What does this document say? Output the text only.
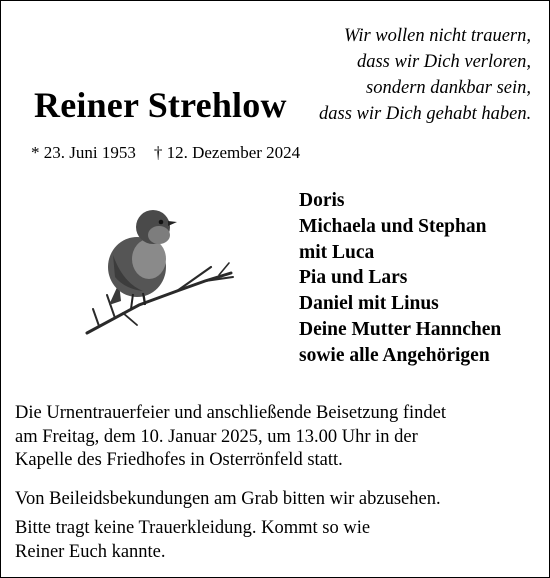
Reiner Strehlow
Wir wollen nicht trauern,
dass wir Dich verloren,
sondern dankbar sein,
dass wir Dich gehabt haben.
* 23. Juni 1953 † 12. Dezember 2024
Doris
Michaela und Stephan
mit Luca
Pia und Lars
Daniel mit Linus
Deine Mutter Hannchen
sowie alle Angehörigen
Die Urnentrauerfeier und anschließende Beisetzung findet
am Freitag, dem 10. Januar 2025, um 13.00 Uhr in der
Kapelle des Friedhofes in Osterrönfeld statt.
Von Beileidsbekundungen am Grab bitten wir abzusehen.
Bitte tragt keine Trauerkleidung. Kommt so wie
Reiner Euch kannte.
